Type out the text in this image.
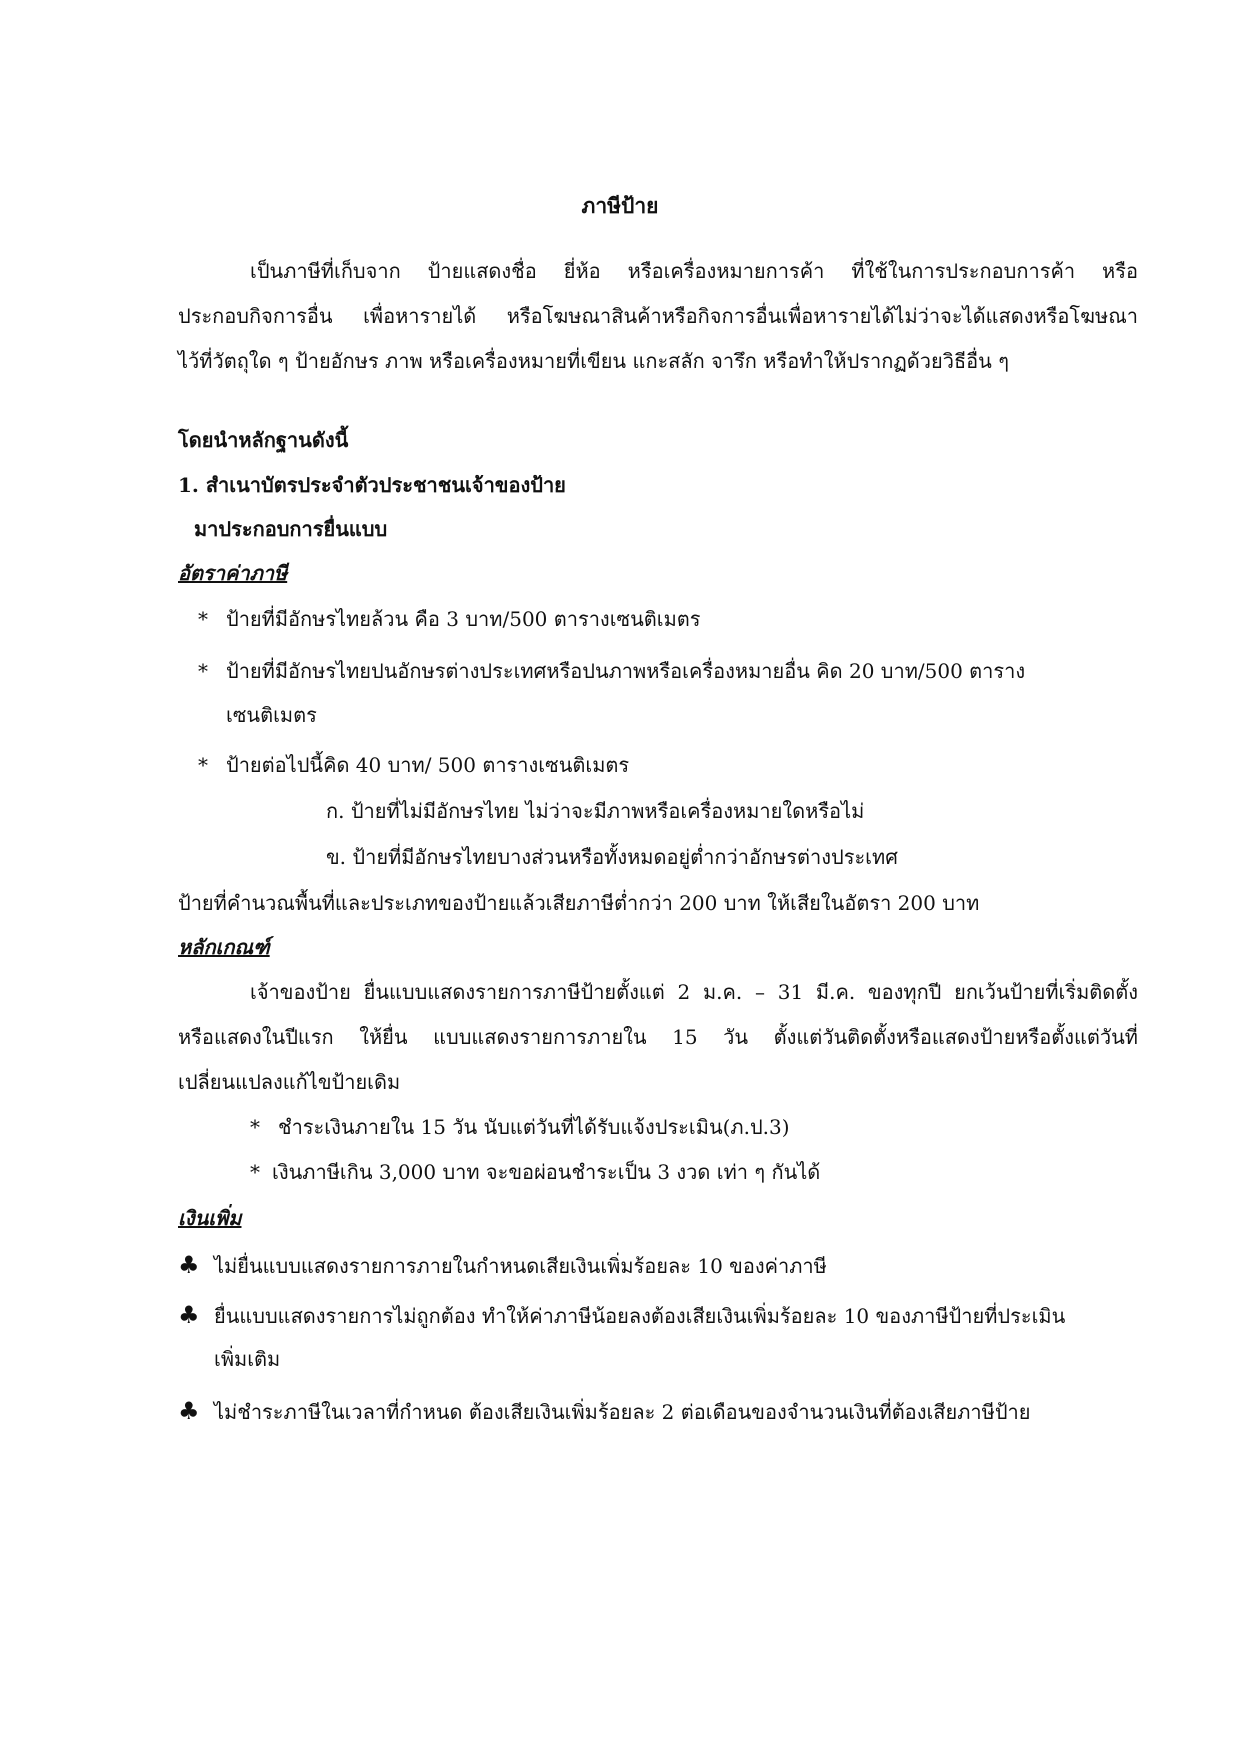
ภาษีป้าย
เป็นภาษีที่เก็บจาก ป้ายแสดงชื่อ ยี่ห้อ หรือเครื่องหมายการค้า ที่ใช้ในการประกอบการค้า หรือ
ประกอบกิจการอื่น เพื่อหารายได้ หรือโฆษณาสินค้าหรือกิจการอื่นเพื่อหารายได้ไม่ว่าจะได้แสดงหรือโฆษณา
ไว้ที่วัตถุใด ๆ ป้ายอักษร ภาพ หรือเครื่องหมายที่เขียน แกะสลัก จารึก หรือทำให้ปรากฏด้วยวิธีอื่น ๆ
โดยนำหลักฐานดังนี้
1. สำเนาบัตรประจำตัวประชาชนเจ้าของป้าย
มาประกอบการยื่นแบบ
อัตราค่าภาษี
* ป้ายที่มีอักษรไทยล้วน คือ 3 บาท/500 ตารางเซนติเมตร
* ป้ายที่มีอักษรไทยปนอักษรต่างประเทศหรือปนภาพหรือเครื่องหมายอื่น คิด 20 บาท/500 ตาราง
เซนติเมตร
* ป้ายต่อไปนี้คิด 40 บาท/ 500 ตารางเซนติเมตร
ก. ป้ายที่ไม่มีอักษรไทย ไม่ว่าจะมีภาพหรือเครื่องหมายใดหรือไม่
ข. ป้ายที่มีอักษรไทยบางส่วนหรือทั้งหมดอยู่ต่ำกว่าอักษรต่างประเทศ
ป้ายที่คำนวณพื้นที่และประเภทของป้ายแล้วเสียภาษีต่ำกว่า 200 บาท ให้เสียในอัตรา 200 บาท
หลักเกณฑ์
เจ้าของป้าย ยื่นแบบแสดงรายการภาษีป้ายตั้งแต่ 2 ม.ค. – 31 มี.ค. ของทุกปี ยกเว้นป้ายที่เริ่มติดตั้ง
หรือแสดงในปีแรก ให้ยื่น แบบแสดงรายการภายใน 15 วัน ตั้งแต่วันติดตั้งหรือแสดงป้ายหรือตั้งแต่วันที่
เปลี่ยนแปลงแก้ไขป้ายเดิม
* ชำระเงินภายใน 15 วัน นับแต่วันที่ได้รับแจ้งประเมิน(ภ.ป.3)
* เงินภาษีเกิน 3,000 บาท จะขอผ่อนชำระเป็น 3 งวด เท่า ๆ กันได้
เงินเพิ่ม
♣ ไม่ยื่นแบบแสดงรายการภายในกำหนดเสียเงินเพิ่มร้อยละ 10 ของค่าภาษี
♣ ยื่นแบบแสดงรายการไม่ถูกต้อง ทำให้ค่าภาษีน้อยลงต้องเสียเงินเพิ่มร้อยละ 10 ของภาษีป้ายที่ประเมิน
เพิ่มเติม
♣ ไม่ชำระภาษีในเวลาที่กำหนด ต้องเสียเงินเพิ่มร้อยละ 2 ต่อเดือนของจำนวนเงินที่ต้องเสียภาษีป้าย
